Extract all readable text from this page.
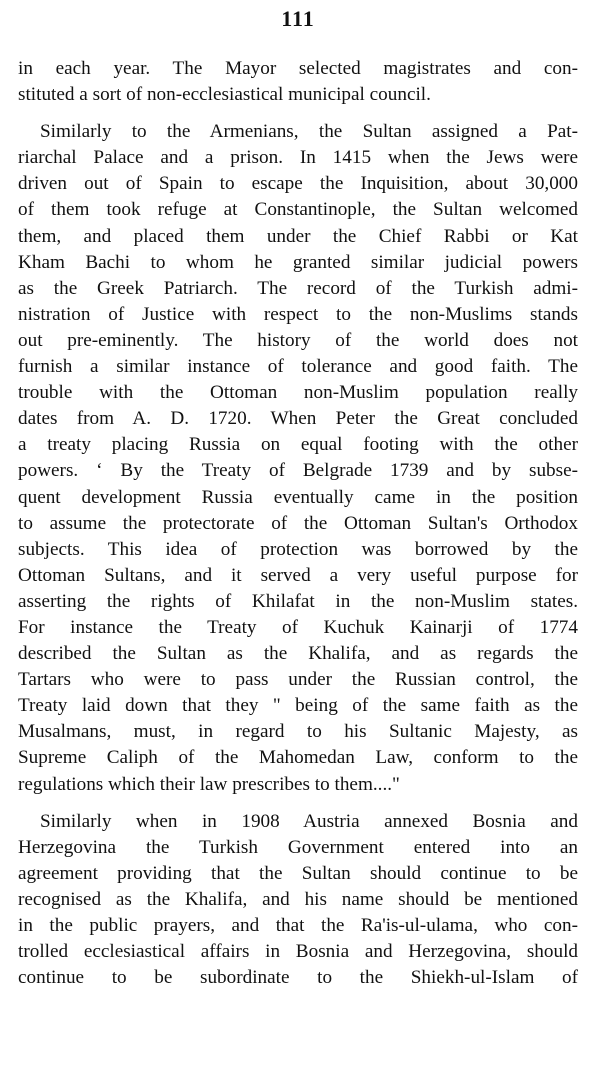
111
in each year. The Mayor selected magistrates and con-
stituted a sort of non-ecclesiastical municipal council.
Similarly to the Armenians, the Sultan assigned a Pat-
riarchal Palace and a prison. In 1415 when the Jews were
driven out of Spain to escape the Inquisition, about 30,000
of them took refuge at Constantinople, the Sultan welcomed
them, and placed them under the Chief Rabbi or Kat
Kham Bachi to whom he granted similar judicial powers
as the Greek Patriarch. The record of the Turkish admi-
nistration of Justice with respect to the non-Muslims stands
out pre-eminently. The history of the world does not
furnish a similar instance of tolerance and good faith. The
trouble with the Ottoman non-Muslim population really
dates from A. D. 1720. When Peter the Great concluded
a treaty placing Russia on equal footing with the other
powers. ‘ By the Treaty of Belgrade 1739 and by subse-
quent development Russia eventually came in the position
to assume the protectorate of the Ottoman Sultan's Orthodox
subjects. This idea of protection was borrowed by the
Ottoman Sultans, and it served a very useful purpose for
asserting the rights of Khilafat in the non-Muslim states.
For instance the Treaty of Kuchuk Kainarji of 1774
described the Sultan as the Khalifa, and as regards the
Tartars who were to pass under the Russian control, the
Treaty laid down that they " being of the same faith as the
Musalmans, must, in regard to his Sultanic Majesty, as
Supreme Caliph of the Mahomedan Law, conform to the
regulations which their law prescribes to them...."
Similarly when in 1908 Austria annexed Bosnia and
Herzegovina the Turkish Government entered into an
agreement providing that the Sultan should continue to be
recognised as the Khalifa, and his name should be mentioned
in the public prayers, and that the Ra'is-ul-ulama, who con-
trolled ecclesiastical affairs in Bosnia and Herzegovina, should
continue to be subordinate to the Shiekh-ul-Islam of
